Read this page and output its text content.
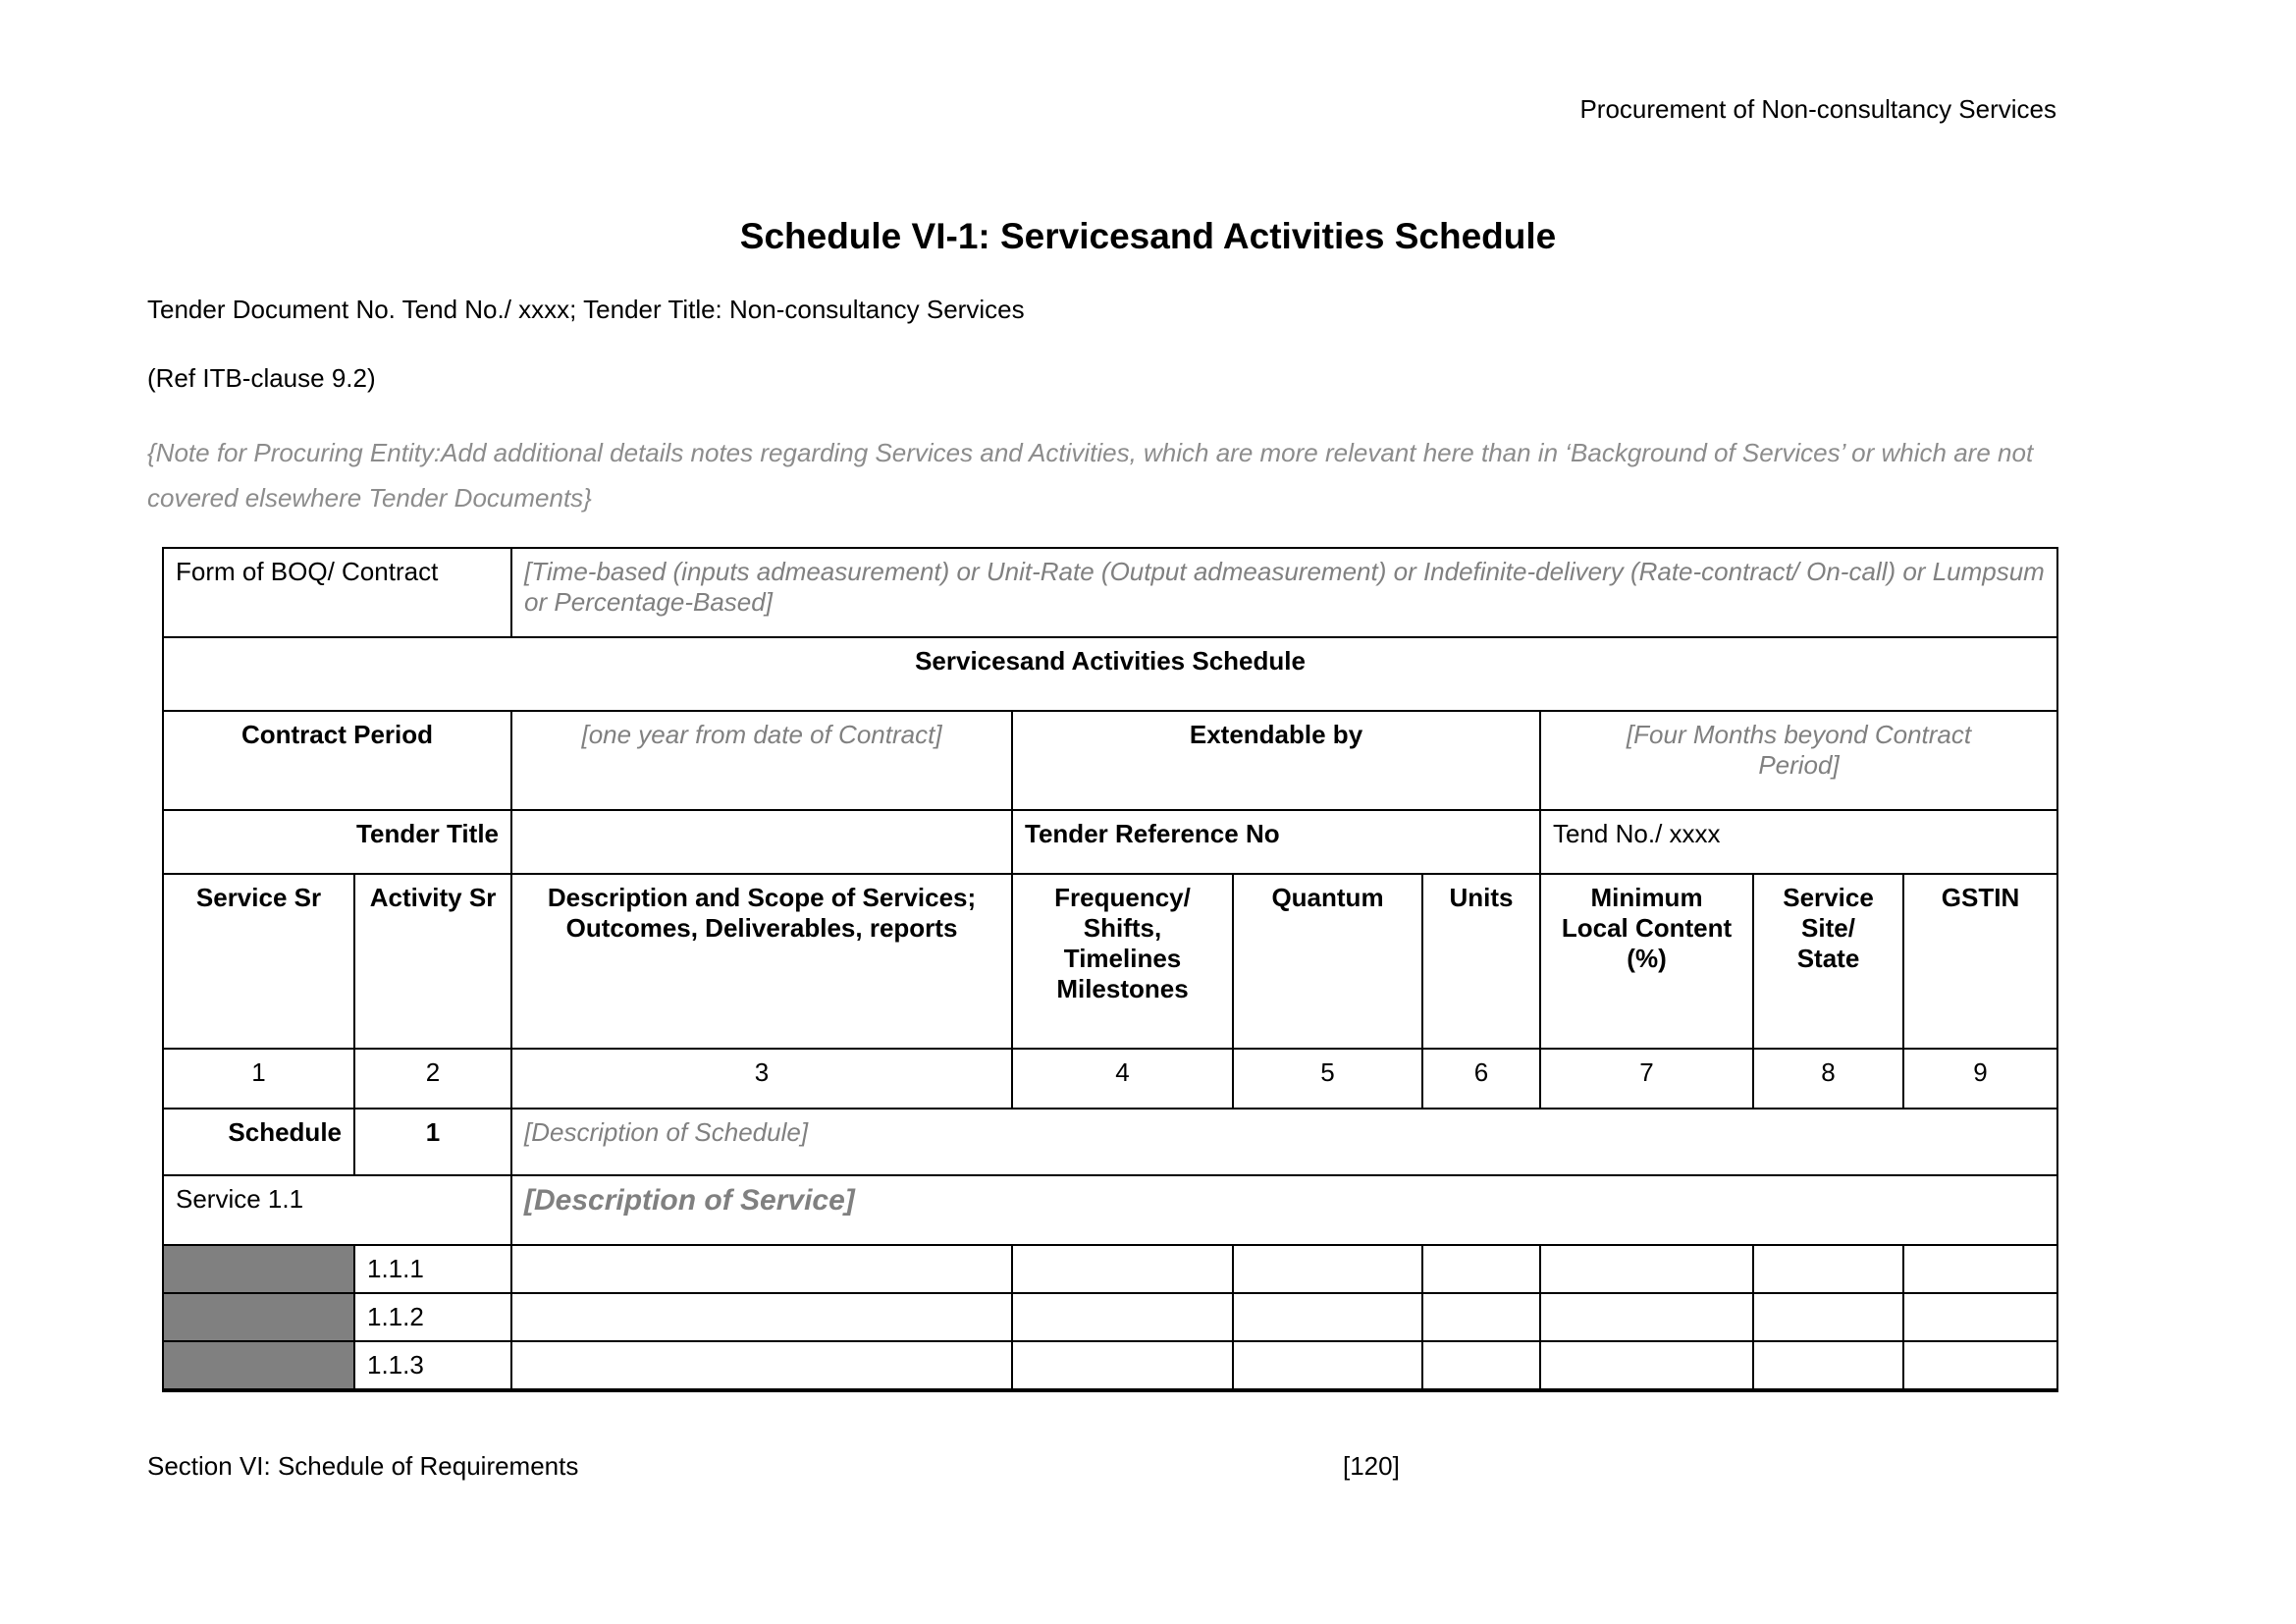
Procurement of Non-consultancy Services
Schedule VI-1: Servicesand Activities Schedule
Tender Document No. Tend No./ xxxx; Tender Title: Non-consultancy Services
(Ref ITB-clause 9.2)
{Note for Procuring Entity:Add additional details notes regarding Services and Activities, which are more relevant here than in ‘Background of Services’ or which are not covered elsewhere Tender Documents}
Form of BOQ/ Contract		[Time-based (inputs admeasurement) or Unit-Rate (Output admeasurement) or Indefinite-delivery (Rate-contract/ On-call) or Lumpsum or Percentage-Based]						
Servicesand Activities Schedule								
Contract Period		[one year from date of Contract]	Extendable by			[Four Months beyond Contract Period]		

Tender Title			Tender Reference No			Tend No./ xxxx		
Service Sr	Activity Sr	Description and Scope of Services; Outcomes, Deliverables, reports	Frequency/ Shifts, Timelines Milestones	Quantum	Units	Minimum Local Content (%)	Service Site/ State	GSTIN
1	2	3	4	5	6	7	8	9
Schedule	1	[Description of Schedule]						
Service 1.1		[Description of Service]						
	1.1.1							
	1.1.2							
	1.1.3							
Section VI: Schedule of Requirements	[120]
